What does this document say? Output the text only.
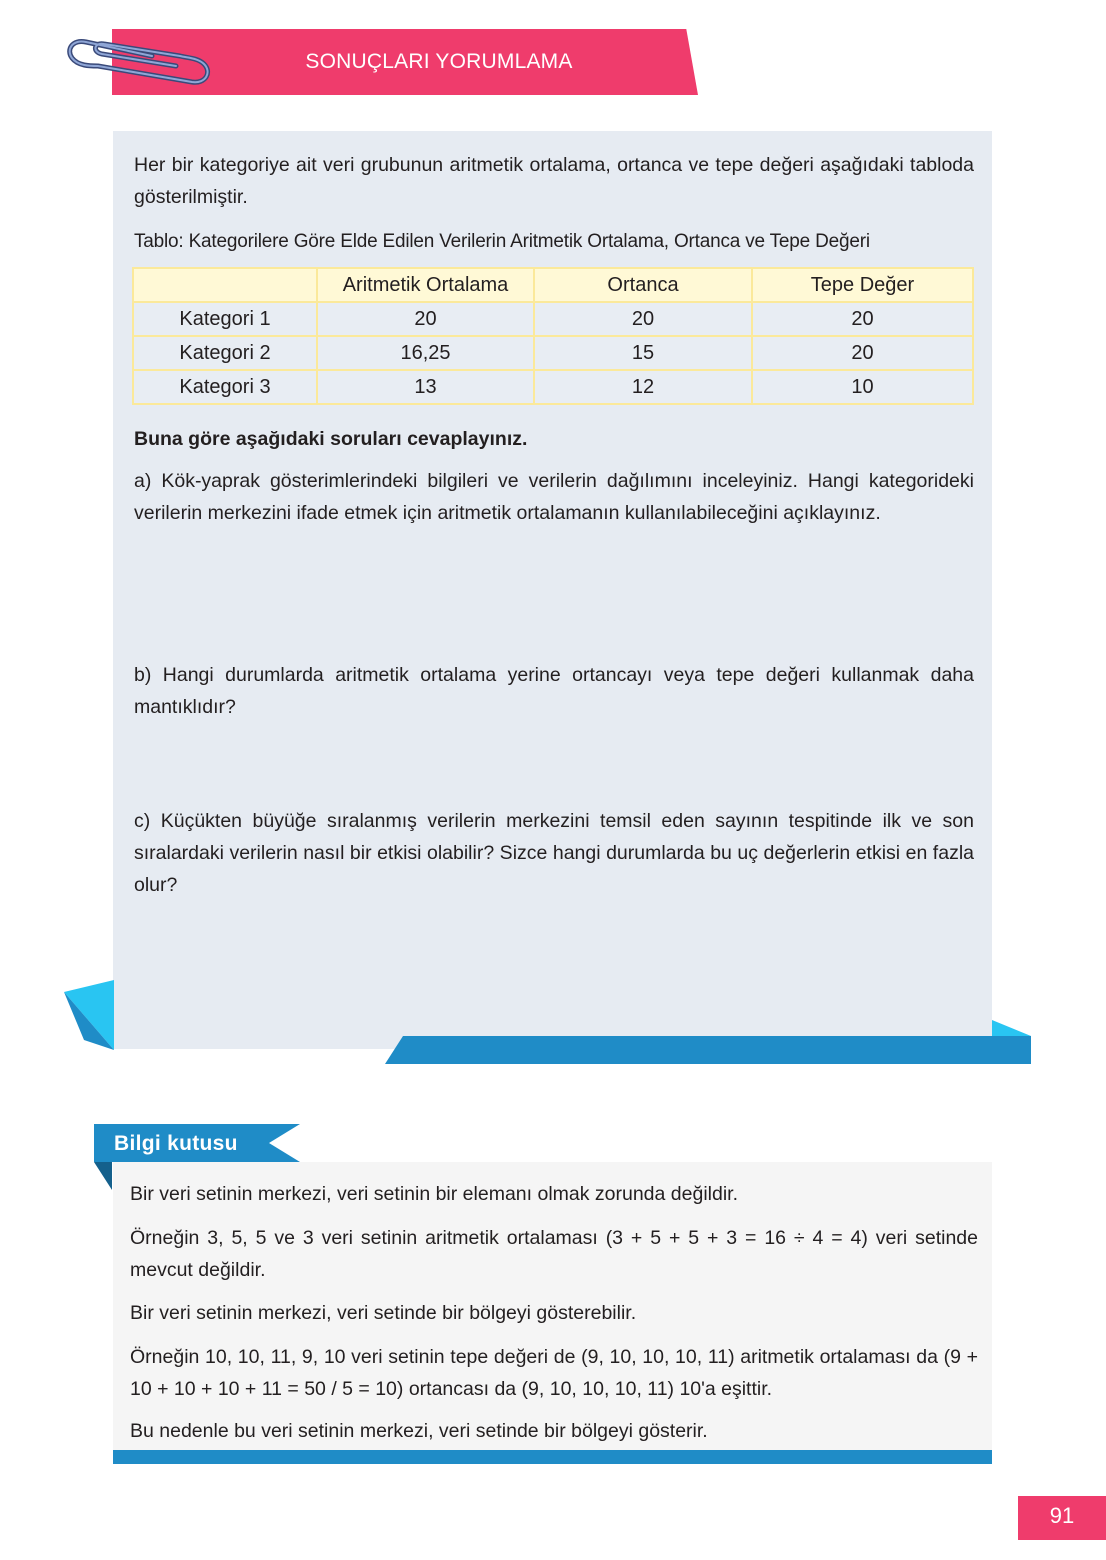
SONUÇLARI YORUMLAMA
Her bir kategoriye ait veri grubunun aritmetik ortalama, ortanca ve tepe değeri aşağıdaki tabloda gösterilmiştir.
Tablo: Kategorilere Göre Elde Edilen Verilerin Aritmetik Ortalama, Ortanca ve Tepe Değeri
	Aritmetik Ortalama	Ortanca	Tepe Değer
Kategori 1	20	20	20
Kategori 2	16,25	15	20
Kategori 3	13	12	10
Buna göre aşağıdaki soruları cevaplayınız.
a) Kök-yaprak gösterimlerindeki bilgileri ve verilerin dağılımını inceleyiniz. Hangi kategorideki verilerin merkezini ifade etmek için aritmetik ortalamanın kullanılabileceğini açıklayınız.
b) Hangi durumlarda aritmetik ortalama yerine ortancayı veya tepe değeri kullanmak daha mantıklıdır?
c) Küçükten büyüğe sıralanmış verilerin merkezini temsil eden sayının tespitinde ilk ve son sıralardaki verilerin nasıl bir etkisi olabilir? Sizce hangi durumlarda bu uç değerlerin etkisi en fazla olur?
Bilgi kutusu
Bir veri setinin merkezi, veri setinin bir elemanı olmak zorunda değildir.
Örneğin 3, 5, 5 ve 3 veri setinin aritmetik ortalaması (3 + 5 + 5 + 3 = 16 ÷ 4 = 4) veri setinde mevcut değildir.
Bir veri setinin merkezi, veri setinde bir bölgeyi gösterebilir.
Örneğin 10, 10, 11, 9, 10 veri setinin tepe değeri de (9, 10, 10, 10, 11) aritmetik ortalaması da (9 + 10 + 10 + 10 + 11 = 50 / 5 = 10) ortancası da (9, 10, 10, 10, 11) 10'a eşittir.
Bu nedenle bu veri setinin merkezi, veri setinde bir bölgeyi gösterir.
91
